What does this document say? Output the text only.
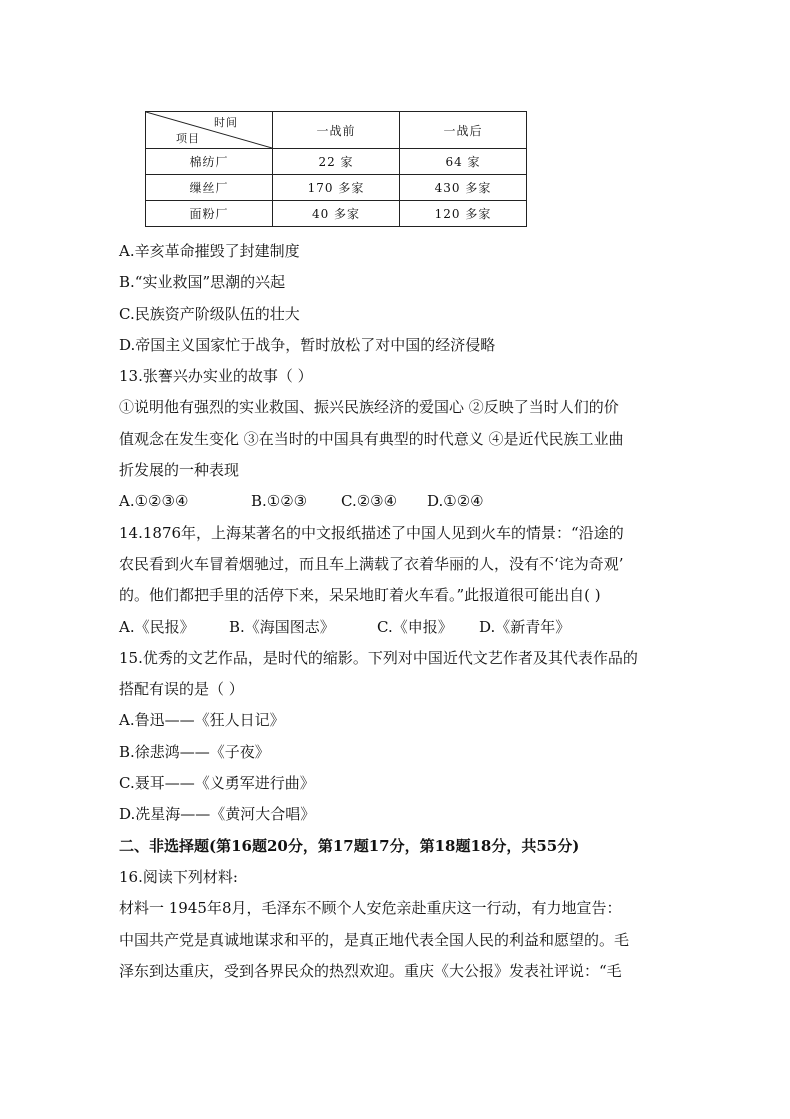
时间
项目	一战前	一战后
棉纺厂	22 家	64 家
缫丝厂	170 多家	430 多家
面粉厂	40 多家	120 多家
A.辛亥革命摧毁了封建制度
B.“实业救国”思潮的兴起
C.民族资产阶级队伍的壮大
D.帝国主义国家忙于战争，暂时放松了对中国的经济侵略
13.张謇兴办实业的故事（ ）
①说明他有强烈的实业救国、振兴民族经济的爱国心 ②反映了当时人们的价
值观念在发生变化 ③在当时的中国具有典型的时代意义 ④是近代民族工业曲
折发展的一种表现
A.①②③④	B.①②③ C.②③④ D.①②④
14.1876年，上海某著名的中文报纸描述了中国人见到火车的情景：“沿途的
农民看到火车冒着烟驰过，而且车上满载了衣着华丽的人，没有不‘诧为奇观’
的。他们都把手里的活停下来，呆呆地盯着火车看。”此报道很可能出自( )
A.《民报》 B.《海国图志》	C.《申报》 D.《新青年》
15.优秀的文艺作品，是时代的缩影。下列对中国近代文艺作者及其代表作品的
搭配有误的是（ ）
A.鲁迅——《狂人日记》
B.徐悲鸿——《子夜》
C.聂耳——《义勇军进行曲》
D.冼星海——《黄河大合唱》
二、非选择题(第16题20分，第17题17分，第18题18分，共55分)
16.阅读下列材料:
材料一 1945年8月，毛泽东不顾个人安危亲赴重庆这一行动，有力地宣告：
中国共产党是真诚地谋求和平的，是真正地代表全国人民的利益和愿望的。毛
泽东到达重庆，受到各界民众的热烈欢迎。重庆《大公报》发表社评说：“毛
